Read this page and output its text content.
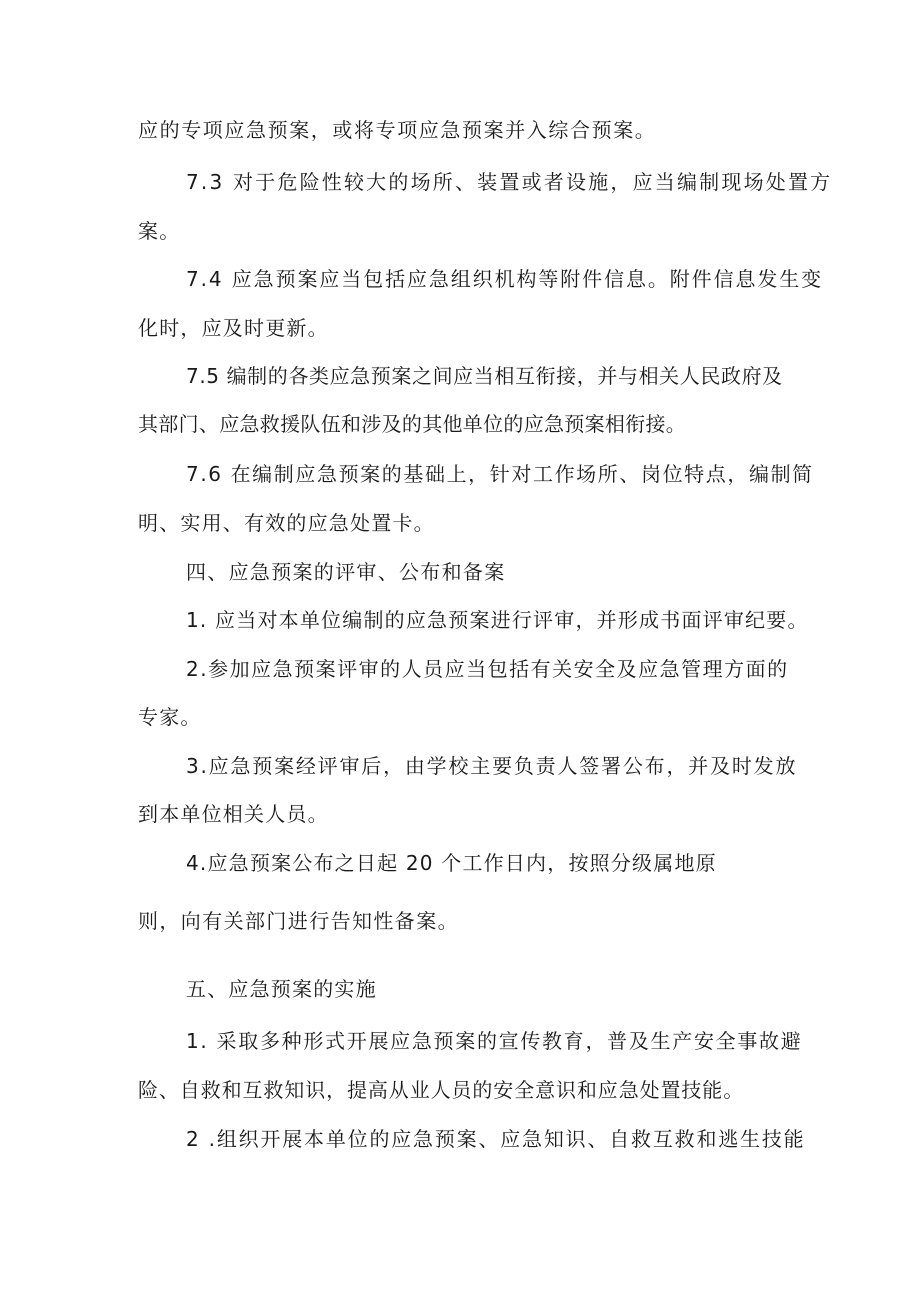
应的专项应急预案，或将专项应急预案并入综合预案。
7.3 对于危险性较大的场所、装置或者设施，应当编制现场处置方
案。
7.4 应急预案应当包括应急组织机构等附件信息。附件信息发生变
化时，应及时更新。
7.5 编制的各类应急预案之间应当相互衔接，并与相关人民政府及
其部门、应急救援队伍和涉及的其他单位的应急预案相衔接。
7.6 在编制应急预案的基础上，针对工作场所、岗位特点，编制简
明、实用、有效的应急处置卡。
四、应急预案的评审、公布和备案
1. 应当对本单位编制的应急预案进行评审，并形成书面评审纪要。
2.参加应急预案评审的人员应当包括有关安全及应急管理方面的
专家。
3.应急预案经评审后，由学校主要负责人签署公布，并及时发放
到本单位相关人员。
4.应急预案公布之日起 20 个工作日内，按照分级属地原
则，向有关部门进行告知性备案。
五、应急预案的实施
1. 采取多种形式开展应急预案的宣传教育，普及生产安全事故避
险、自救和互救知识，提高从业人员的安全意识和应急处置技能。
2 .组织开展本单位的应急预案、应急知识、自救互救和逃生技能
